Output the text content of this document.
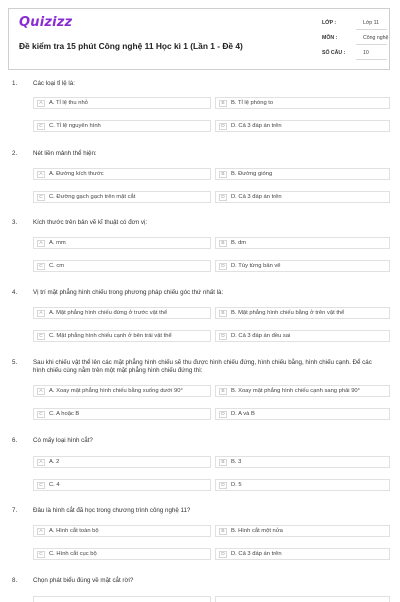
Quizizz
Đề kiểm tra 15 phút Công nghệ 11 Học kì 1 (Lần 1 - Đề 4)
LỚP :	Lớp 11
MÔN :	Công nghệ
SỐ CÂU :	10
1.	Các loại tỉ lệ là:
A	A. Tỉ lệ thu nhỏ	B	B. Tỉ lệ phóng to
C	C. Tỉ lệ nguyên hình	D	D. Cả 3 đáp án trên
2.	Nét liền mảnh thể hiện:
A	A. Đường kích thước	B	B. Đường gióng
C	C. Đường gạch gạch trên mặt cắt	D	D. Cả 3 đáp án trên
3.	Kích thước trên bản vẽ kĩ thuật có đơn vị:
A	A. mm	B	B. dm
C	C. cm	D	D. Tùy từng bản vẽ
4.	Vị trí mặt phẳng hình chiếu trong phương pháp chiếu góc thứ nhất là:
A	A. Mặt phẳng hình chiếu đứng ở trước vật thể	B	B. Mặt phẳng hình chiếu bằng ở trên vật thể
C	C. Mặt phẳng hình chiếu cạnh ở bên trái vật thể	D	D. Cả 3 đáp án đều sai
5.	Sau khi chiếu vật thể lên các mặt phẳng hình chiếu sẽ thu được hình chiếu đứng, hình chiếu bằng, hình chiếu cạnh. Để các hình chiếu cùng nằm trên một mặt phẳng hình chiếu đứng thì:
A	A. Xoay mặt phẳng hình chiếu bằng xuống dưới 90°	B	B. Xoay mặt phẳng hình chiếu cạnh sang phải 90°
C	C. A hoặc B	D	D. A và B
6.	Có mấy loại hình cắt?
A	A. 2	B	B. 3
C	C. 4	D	D. 5
7.	Đâu là hình cắt đã học trong chương trình công nghệ 11?
A	A. Hình cắt toàn bộ	B	B. Hình cắt một nửa
C	C. Hình cắt cục bộ	D	D. Cả 3 đáp án trên
8.	Chọn phát biểu đúng về mặt cắt rời?
